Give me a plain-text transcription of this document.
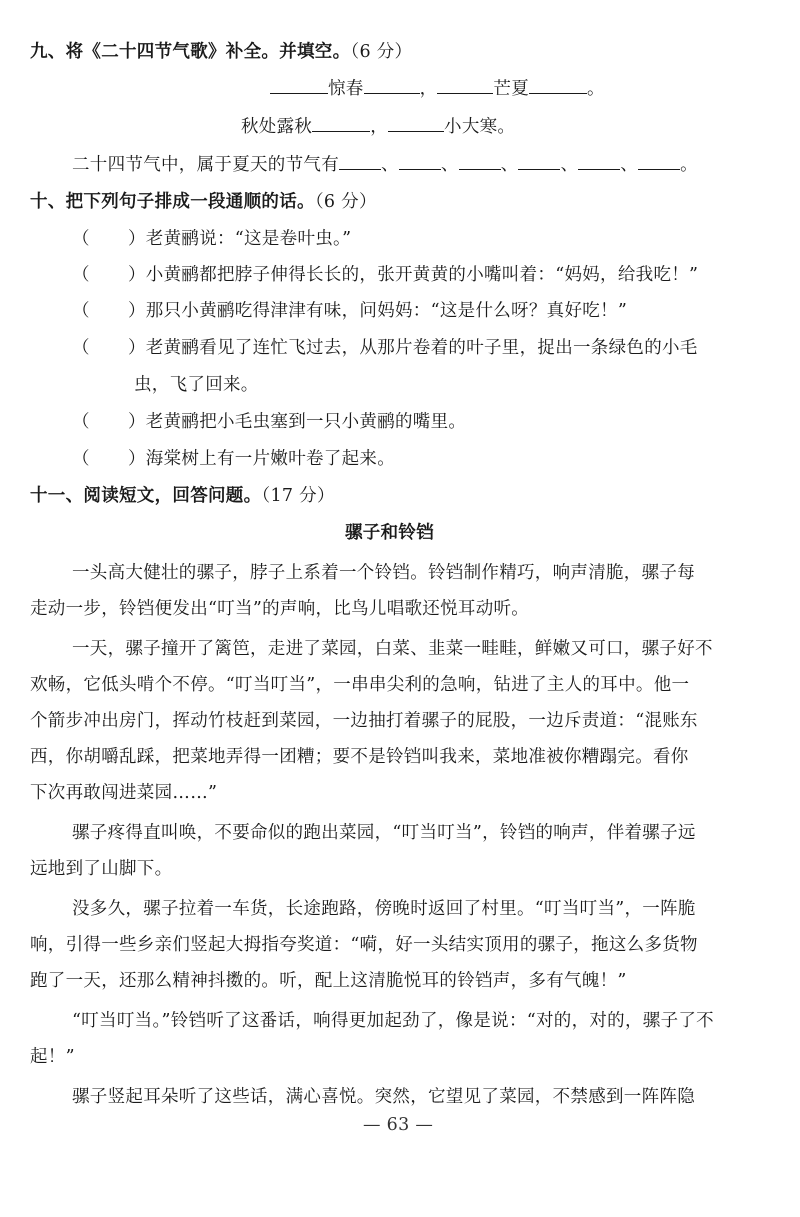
九、将《二十四节气歌》补全。并填空。（6 分）
惊春	，	芒夏	。
秋处露秋	，	小大寒。
二十四节气中，属于夏天的节气有 、 、 、 、 、 。
十、把下列句子排成一段通顺的话。（6 分）
（ ）老黄鹂说：“这是卷叶虫。”
（ ）小黄鹂都把脖子伸得长长的，张开黄黄的小嘴叫着：“妈妈，给我吃！”
（ ）那只小黄鹂吃得津津有味，问妈妈：“这是什么呀？真好吃！”
（ ）老黄鹂看见了连忙飞过去，从那片卷着的叶子里，捉出一条绿色的小毛
虫，飞了回来。
（ ）老黄鹂把小毛虫塞到一只小黄鹂的嘴里。
（ ）海棠树上有一片嫩叶卷了起来。
十一、阅读短文，回答问题。（17 分）
骡子和铃铛
一头高大健壮的骡子，脖子上系着一个铃铛。铃铛制作精巧，响声清脆，骡子每
走动一步，铃铛便发出“叮当”的声响，比鸟儿唱歌还悦耳动听。
一天，骡子撞开了篱笆，走进了菜园，白菜、韭菜一畦畦，鲜嫩又可口，骡子好不
欢畅，它低头啃个不停。“叮当叮当”，一串串尖利的急响，钻进了主人的耳中。他一
个箭步冲出房门，挥动竹枝赶到菜园，一边抽打着骡子的屁股，一边斥责道：“混账东
西，你胡嚼乱踩，把菜地弄得一团糟；要不是铃铛叫我来，菜地准被你糟蹋完。看你
下次再敢闯进菜园……”
骡子疼得直叫唤，不要命似的跑出菜园，“叮当叮当”，铃铛的响声，伴着骡子远
远地到了山脚下。
没多久，骡子拉着一车货，长途跑路，傍晚时返回了村里。“叮当叮当”，一阵脆
响，引得一些乡亲们竖起大拇指夸奖道：“嗬，好一头结实顶用的骡子，拖这么多货物
跑了一天，还那么精神抖擞的。听，配上这清脆悦耳的铃铛声，多有气魄！”
“叮当叮当。”铃铛听了这番话，响得更加起劲了，像是说：“对的，对的，骡子了不
起！”
骡子竖起耳朵听了这些话，满心喜悦。突然，它望见了菜园，不禁感到一阵阵隐
— 63 —
